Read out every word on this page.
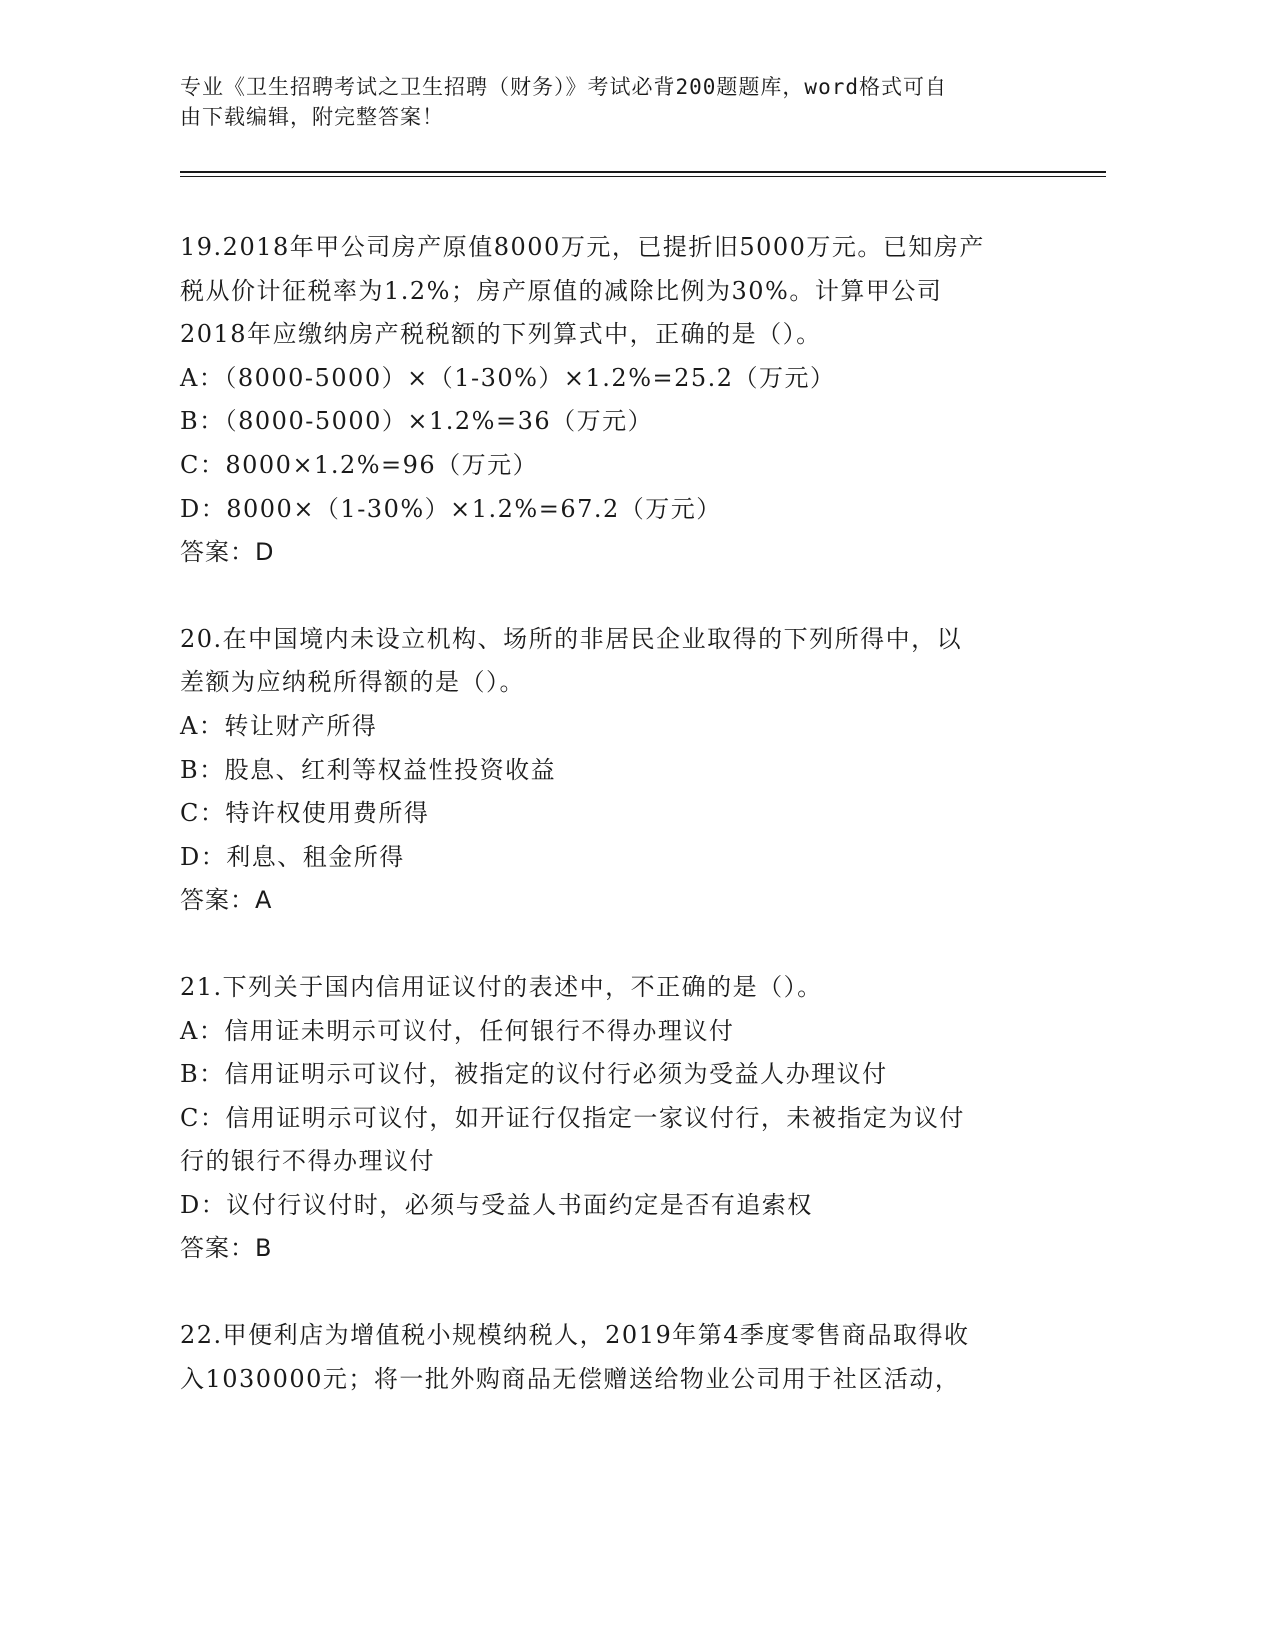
专业《卫生招聘考试之卫生招聘（财务）》考试必背200题题库，word格式可自
由下载编辑，附完整答案！
19.2018年甲公司房产原值8000万元，已提折旧5000万元。已知房产
税从价计征税率为1.2%；房产原值的减除比例为30%。计算甲公司
2018年应缴纳房产税税额的下列算式中，正确的是（）。
A：（8000-5000）×（1-30%）×1.2%=25.2（万元）
B：（8000-5000）×1.2%=36（万元）
C：8000×1.2%=96（万元）
D：8000×（1-30%）×1.2%=67.2（万元）
答案：D
20.在中国境内未设立机构、场所的非居民企业取得的下列所得中，以
差额为应纳税所得额的是（）。
A：转让财产所得
B：股息、红利等权益性投资收益
C：特许权使用费所得
D：利息、租金所得
答案：A
21.下列关于国内信用证议付的表述中，不正确的是（）。
A：信用证未明示可议付，任何银行不得办理议付
B：信用证明示可议付，被指定的议付行必须为受益人办理议付
C：信用证明示可议付，如开证行仅指定一家议付行，未被指定为议付
行的银行不得办理议付
D：议付行议付时，必须与受益人书面约定是否有追索权
答案：B
22.甲便利店为增值税小规模纳税人，2019年第4季度零售商品取得收
入1030000元；将一批外购商品无偿赠送给物业公司用于社区活动，
